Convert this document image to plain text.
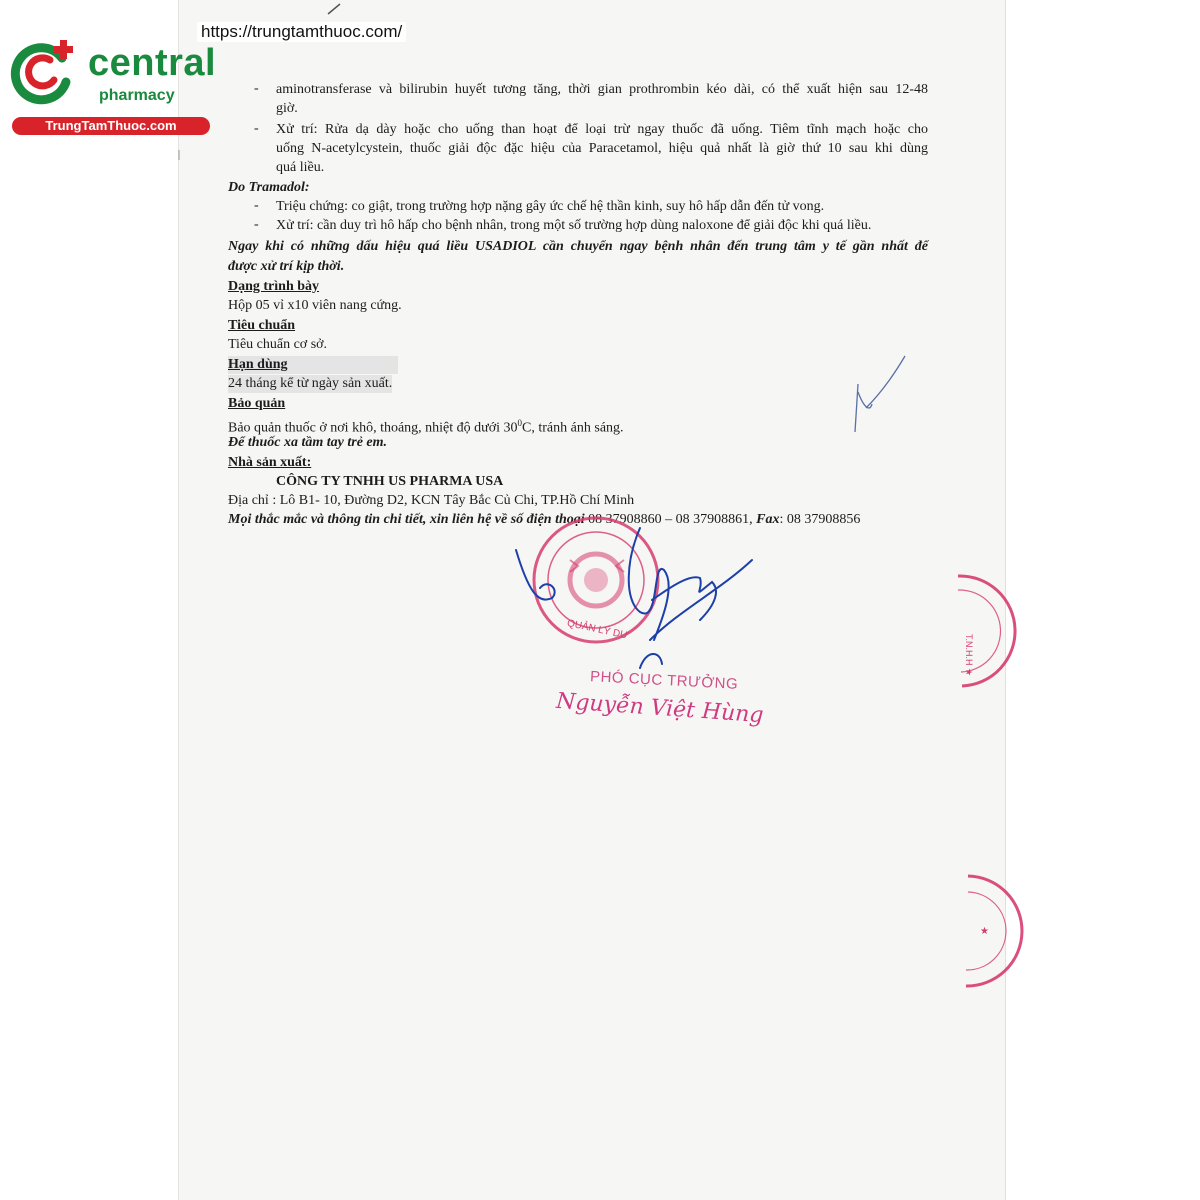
https://trungtamthuoc.com/
central
pharmacy
TrungTamThuoc.com
- aminotransferase và bilirubin huyết tương tăng, thời gian prothrombin kéo dài, có thể xuất hiện sau 12-48
giờ.
- Xử trí: Rửa dạ dày hoặc cho uống than hoạt để loại trừ ngay thuốc đã uống. Tiêm tĩnh mạch hoặc cho
uống N-acetylcystein, thuốc giải độc đặc hiệu của Paracetamol, hiệu quả nhất là giờ thứ 10 sau khi dùng
quá liều.
Do Tramadol:
- Triệu chứng: co giật, trong trường hợp nặng gây ức chế hệ thần kinh, suy hô hấp dẫn đến tử vong.
- Xử trí: cần duy trì hô hấp cho bệnh nhân, trong một số trường hợp dùng naloxone để giải độc khi quá liều.
Ngay khi có những dấu hiệu quá liều USADIOL cần chuyển ngay bệnh nhân đến trung tâm y tế gần nhất để
được xử trí kịp thời.
Dạng trình bày
Hộp 05 vỉ x10 viên nang cứng.
Tiêu chuẩn
Tiêu chuẩn cơ sở.
Hạn dùng
24 tháng kể từ ngày sản xuất.
Bảo quản
Bảo quản thuốc ở nơi khô, thoáng, nhiệt độ dưới $30^0C$, tránh ánh sáng.
Để thuốc xa tầm tay trẻ em.
Nhà sản xuất:
CÔNG TY TNHH US PHARMA USA
Địa chỉ : Lô B1- 10, Đường D2, KCN Tây Bắc Củ Chi, TP.Hồ Chí Minh
Mọi thắc mắc và thông tin chi tiết, xin liên hệ về số điện thoại 08 37908860 – 08 37908861, Fax: 08 37908856
QUẢN LÝ DƯ
T.N.H.H ★
★
PHÓ CỤC TRƯỞNG
Nguyễn Việt Hùng
